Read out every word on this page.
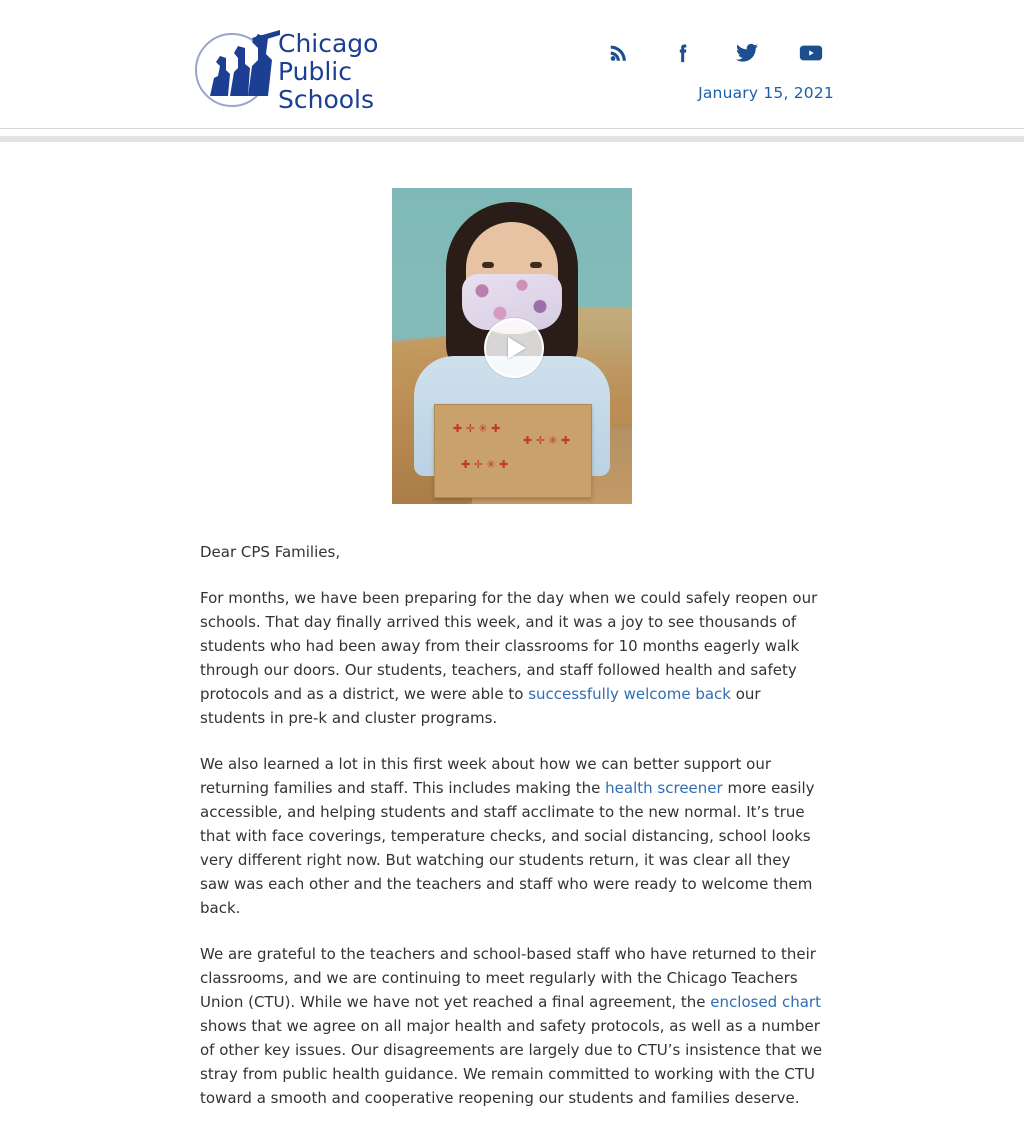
Chicago
Public
Schools	January 15, 2021
✚ ✛ ✳ ✚
✚ ✛ ✳ ✚
✚ ✛ ✳ ✚

Dear CPS Families,

For months, we have been preparing for the day when we could safely reopen our schools. That day finally arrived this week, and it was a joy to see thousands of students who had been away from their classrooms for 10 months eagerly walk through our doors. Our students, teachers, and staff followed health and safety protocols and as a district, we were able to successfully welcome back our students in pre-k and cluster programs.

We also learned a lot in this first week about how we can better support our returning families and staff. This includes making the health screener more easily accessible, and helping students and staff acclimate to the new normal. It’s true that with face coverings, temperature checks, and social distancing, school looks very different right now. But watching our students return, it was clear all they saw was each other and the teachers and staff who were ready to welcome them back.

We are grateful to the teachers and school-based staff who have returned to their classrooms, and we are continuing to meet regularly with the Chicago Teachers Union (CTU). While we have not yet reached a final agreement, the enclosed chart shows that we agree on all major health and safety protocols, as well as a number of other key issues. Our disagreements are largely due to CTU’s insistence that we stray from public health guidance. We remain committed to working with the CTU toward a smooth and cooperative reopening our students and families deserve.
